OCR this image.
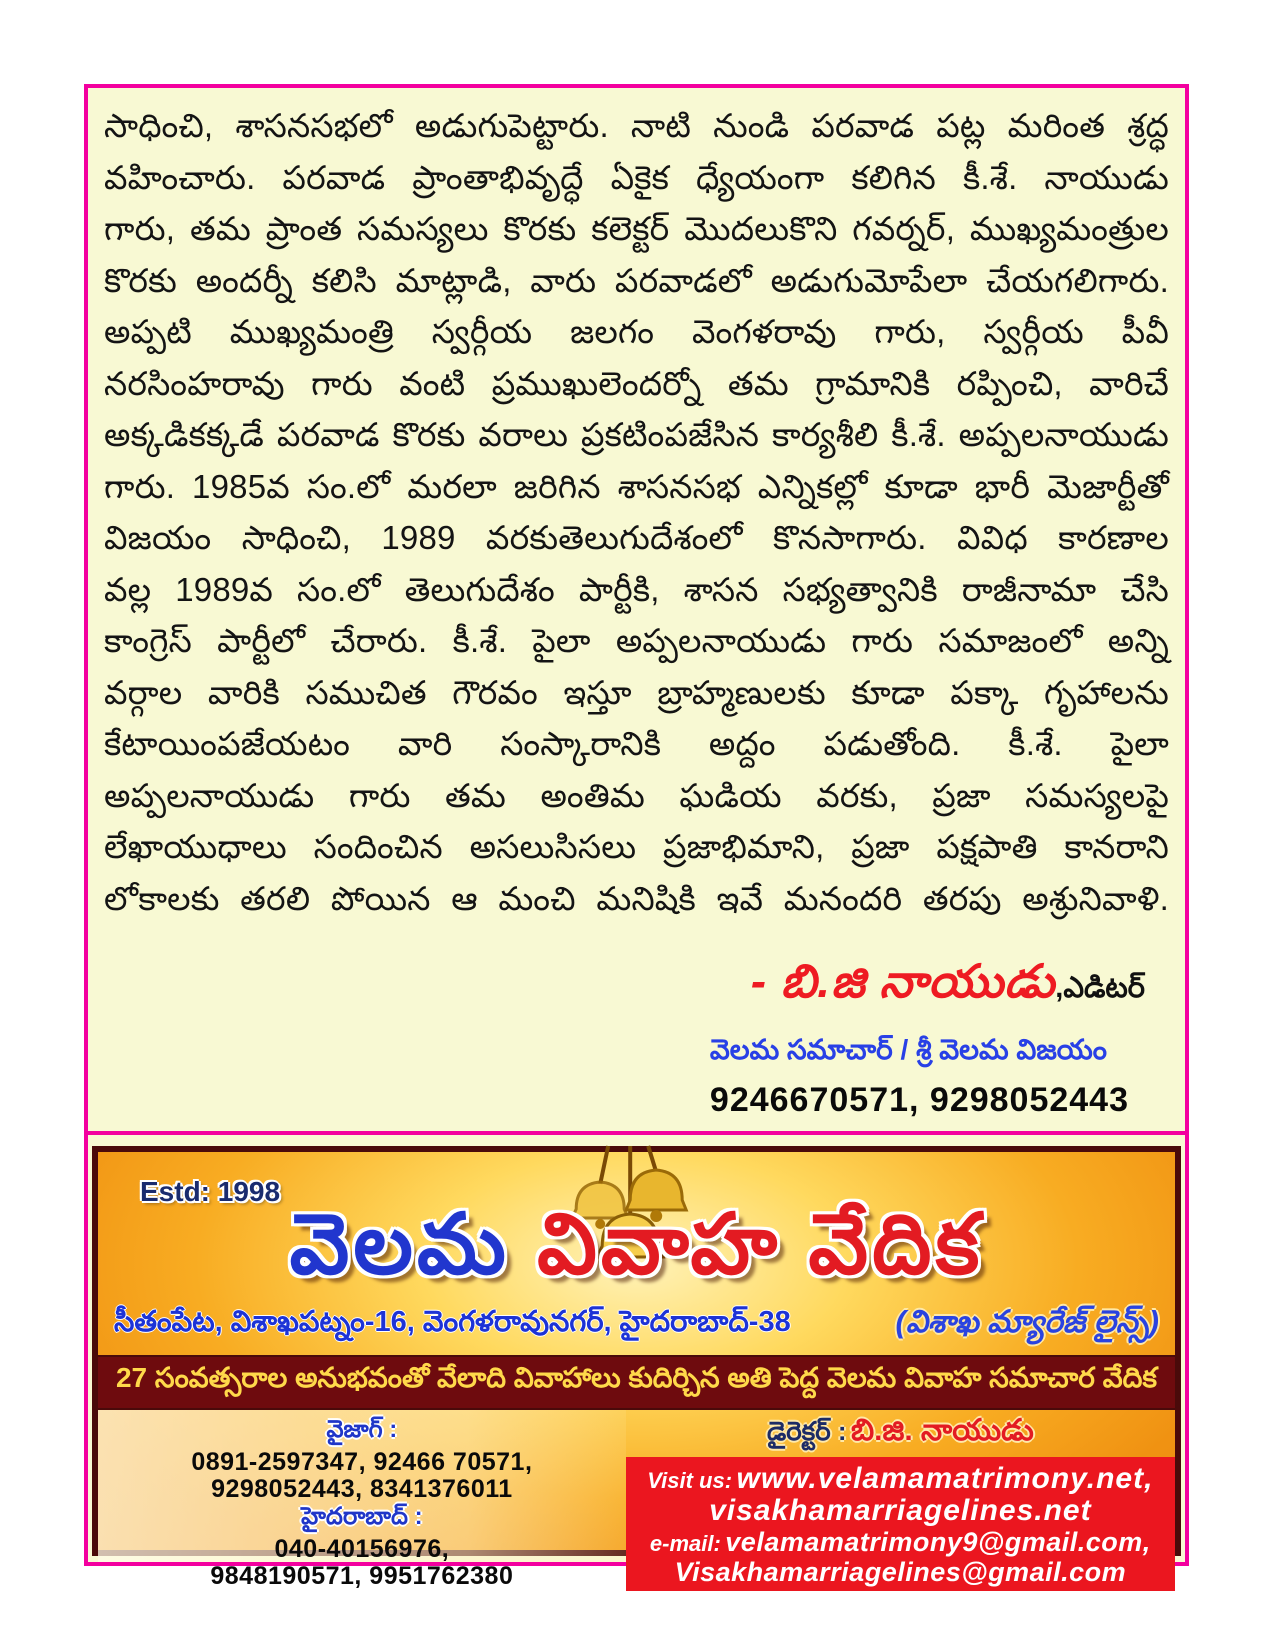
సాధించి, శాసనసభలో అడుగుపెట్టారు. నాటి నుండి పరవాడ పట్ల మరింత శ్రద్ధ
వహించారు. పరవాడ ప్రాంతాభివృద్ధే ఏకైక ధ్యేయంగా కలిగిన కీ.శే. నాయుడు
గారు, తమ ప్రాంత సమస్యలు కొరకు కలెక్టర్ మొదలుకొని గవర్నర్, ముఖ్యమంత్రుల
కొరకు అందర్నీ కలిసి మాట్లాడి, వారు పరవాడలో అడుగుమోపేలా చేయగలిగారు.
అప్పటి ముఖ్యమంత్రి స్వర్గీయ జలగం వెంగళరావు గారు, స్వర్గీయ పీవీ
నరసింహరావు గారు వంటి ప్రముఖులెందర్నో తమ గ్రామానికి రప్పించి, వారిచే
అక్కడికక్కడే పరవాడ కొరకు వరాలు ప్రకటింపజేసిన కార్యశీలి కీ.శే. అప్పలనాయుడు
గారు. 1985వ సం.లో మరలా జరిగిన శాసనసభ ఎన్నికల్లో కూడా భారీ మెజార్టీతో
విజయం సాధించి, 1989 వరకుతెలుగుదేశంలో కొనసాగారు. వివిధ కారణాల
వల్ల 1989వ సం.లో తెలుగుదేశం పార్టీకి, శాసన సభ్యత్వానికి రాజీనామా చేసి
కాంగ్రెస్ పార్టీలో చేరారు. కీ.శే. పైలా అప్పలనాయుడు గారు సమాజంలో అన్ని
వర్గాల వారికి సముచిత గౌరవం ఇస్తూ బ్రాహ్మణులకు కూడా పక్కా గృహాలను
కేటాయింపజేయటం వారి సంస్కారానికి అద్దం పడుతోంది. కీ.శే. పైలా
అప్పలనాయుడు గారు తమ అంతిమ ఘడియ వరకు, ప్రజా సమస్యలపై
లేఖాయుధాలు సందించిన అసలుసిసలు ప్రజాభిమాని, ప్రజా పక్షపాతి కానరాని
లోకాలకు తరలి పోయిన ఆ మంచి మనిషికి ఇవే మనందరి తరపు అశ్రునివాళి.
- బి.జి నాయుడు,ఎడిటర్
వెలమ సమాచార్ / శ్రీ వెలమ విజయం
9246670571, 9298052443
Estd: 1998
వెలమ వివాహ వేదిక
సీతంపేట, విశాఖపట్నం-16, వెంగళరావునగర్, హైదరాబాద్-38	(విశాఖ మ్యారేజ్ లైన్స్)
27 సంవత్సరాల అనుభవంతో వేలాది వివాహాలు కుదిర్చిన అతి పెద్ద వెలమ వివాహ సమాచార వేదిక
వైజాగ్ :
0891-2597347, 92466 70571,
9298052443, 8341376011
హైదరాబాద్ :
040-40156976,
9848190571, 9951762380
డైరెక్టర్ : బి.జి. నాయుడు
Visit us: www.velamamatrimony.net,
visakhamarriagelines.net
e-mail: velamamatrimony9@gmail.com,
Visakhamarriagelines@gmail.com
